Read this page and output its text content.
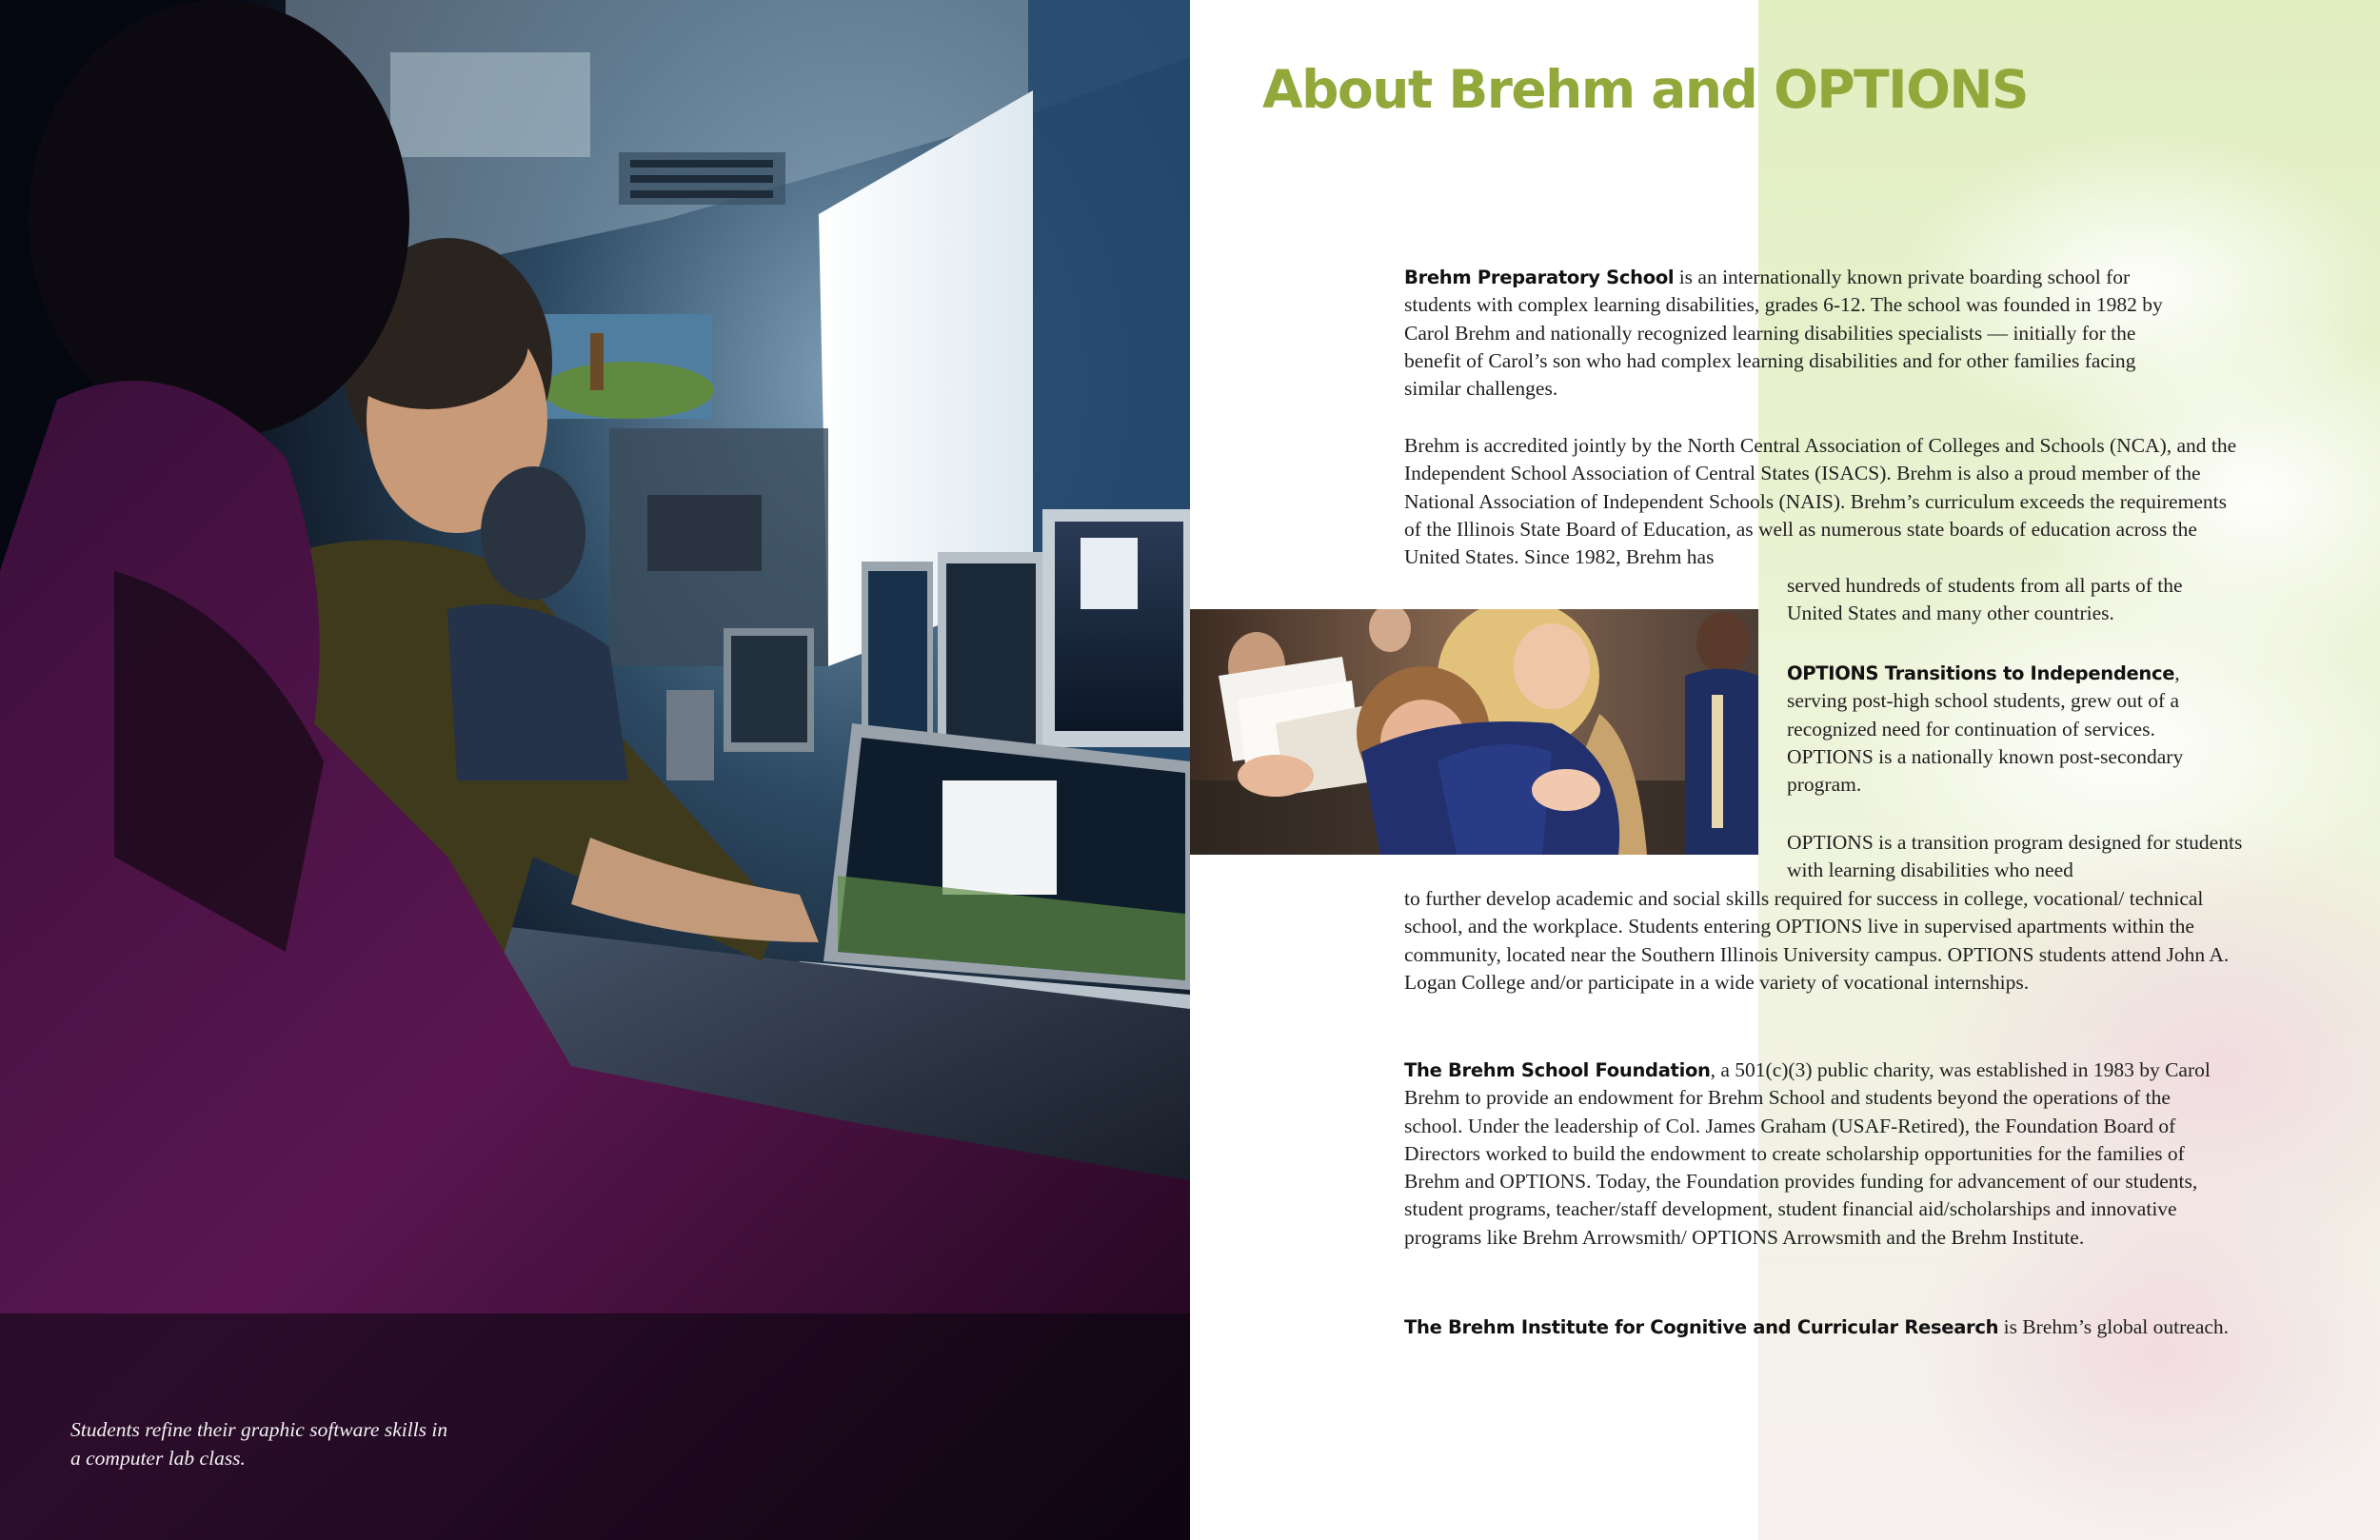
Students refine their graphic software skills in a computer lab class.
About Brehm and OPTIONS

Brehm Preparatory School is an internationally known private boarding school for students with complex learning disabilities, grades 6-12. The school was founded in 1982 by Carol Brehm and nationally recognized learning disabilities specialists — initially for the benefit of Carol’s son who had complex learning disabilities and for other families facing similar challenges.

Brehm is accredited jointly by the North Central Association of Colleges and Schools (NCA), and the Independent School Association of Central States (ISACS). Brehm is also a proud member of the National Association of Independent Schools (NAIS). Brehm’s curriculum exceeds the requirements of the Illinois State Board of Education, as well as numerous state boards of education across the United States. Since 1982, Brehm has

served hundreds of students from all parts of the United States and many other countries.

OPTIONS Transitions to Independence, serving post-high school students, grew out of a recognized need for continuation of services. OPTIONS is a nationally known post-secondary program.

OPTIONS is a transition program designed for students with learning disabilities who need

to further develop academic and social skills required for success in college, vocational/ technical school, and the workplace. Students entering OPTIONS live in supervised apartments within the community, located near the Southern Illinois University campus. OPTIONS students attend John A. Logan College and/or participate in a wide variety of vocational internships.

The Brehm School Foundation, a 501(c)(3) public charity, was established in 1983 by Carol Brehm to provide an endowment for Brehm School and students beyond the operations of the school. Under the leadership of Col. James Graham (USAF-Retired), the Foundation Board of Directors worked to build the endowment to create scholarship opportunities for the families of Brehm and OPTIONS. Today, the Foundation provides funding for advancement of our students, student programs, teacher/staff development, student financial aid/scholarships and innovative programs like Brehm Arrowsmith/ OPTIONS Arrowsmith and the Brehm Institute.

The Brehm Institute for Cognitive and Curricular Research is Brehm’s global outreach.
